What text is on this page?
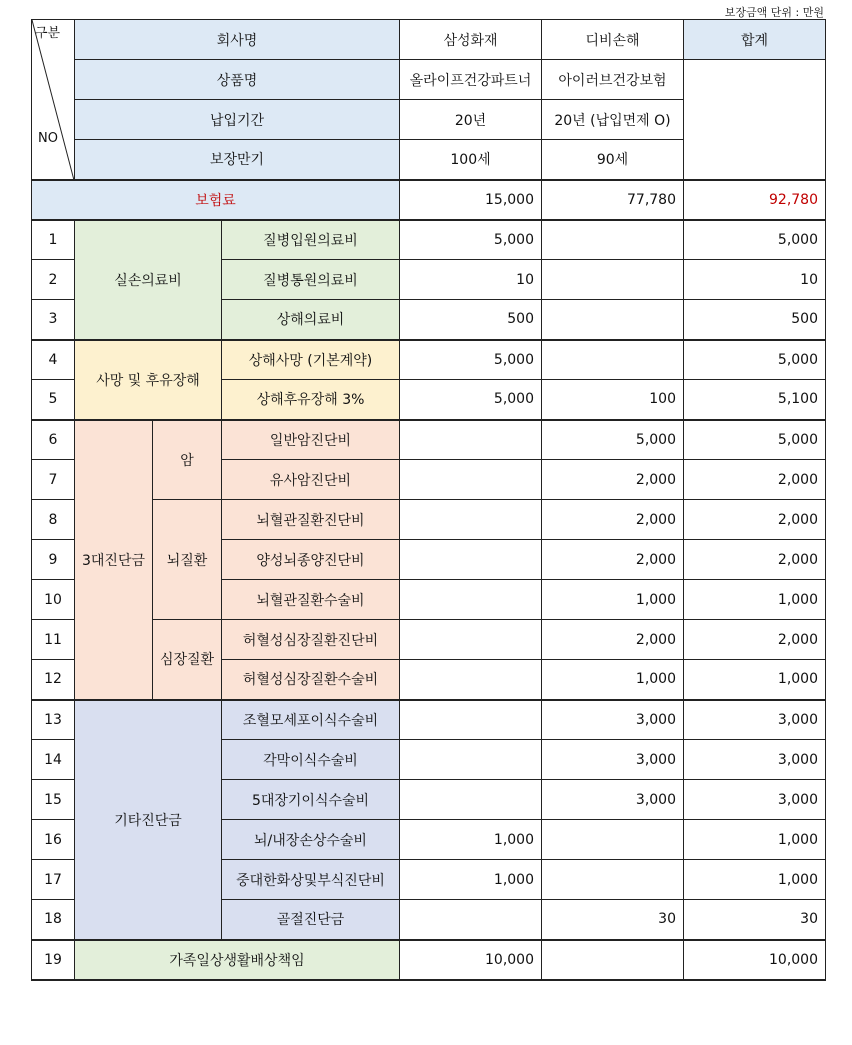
보장금액 단위 : 만원
구분
NO	회사명			삼성화재	디비손해	합계
	상품명			올라이프건강파트너	아이러브건강보험	
	납입기간			20년	20년 (납입면제 O)	
	보장만기			100세	90세	
보험료				15,000	77,780	92,780
1	실손의료비		질병입원의료비	5,000		5,000
2			질병통원의료비	10		10
3			상해의료비	500		500
4	사망 및 후유장해		상해사망 (기본계약)	5,000		5,000
5			상해후유장해 3%	5,000	100	5,100
6	3대진단금	암	일반암진단비		5,000	5,000
7			유사암진단비		2,000	2,000
8		뇌질환	뇌혈관질환진단비		2,000	2,000
9			양성뇌종양진단비		2,000	2,000
10			뇌혈관질환수술비		1,000	1,000
11		심장질환	허혈성심장질환진단비		2,000	2,000
12			허혈성심장질환수술비		1,000	1,000
13	기타진단금		조혈모세포이식수술비		3,000	3,000
14			각막이식수술비		3,000	3,000
15			5대장기이식수술비		3,000	3,000
16			뇌/내장손상수술비	1,000		1,000
17			중대한화상및부식진단비	1,000		1,000
18			골절진단금		30	30
19	가족일상생활배상책임			10,000		10,000
